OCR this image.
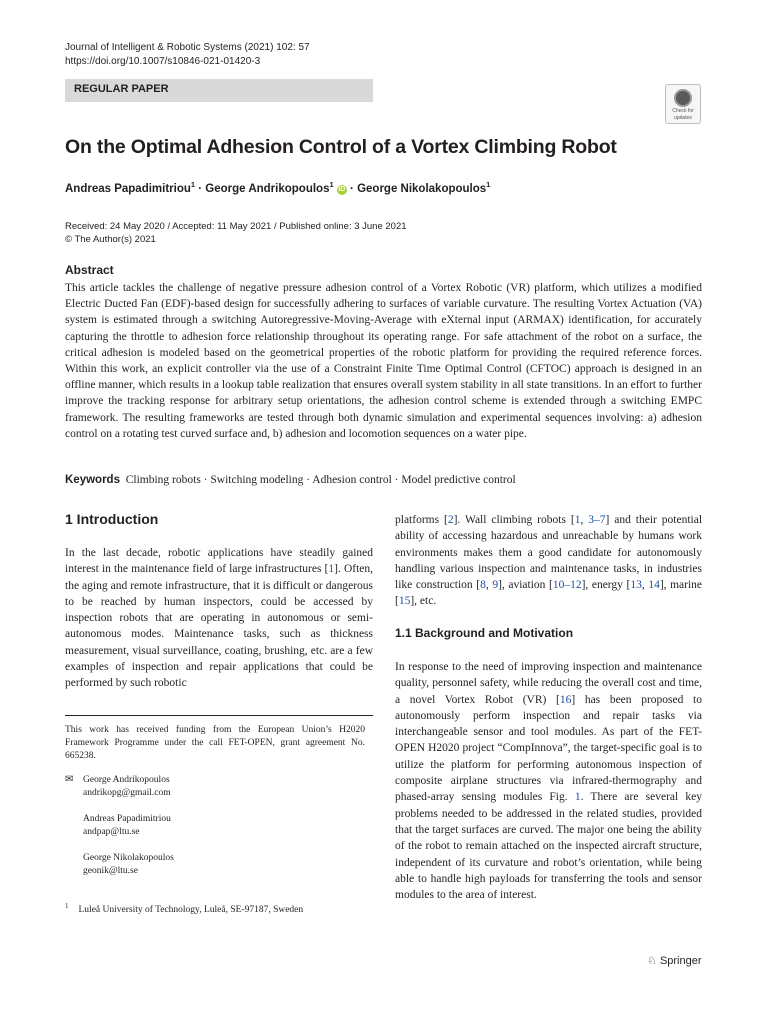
Journal of Intelligent & Robotic Systems (2021) 102: 57
https://doi.org/10.1007/s10846-021-01420-3
REGULAR PAPER
Check for
updates
On the Optimal Adhesion Control of a Vortex Climbing Robot
Andreas Papadimitriou$^1$ · George Andrikopoulos$^1$ iD · George Nikolakopoulos$^1$
Received: 24 May 2020 / Accepted: 11 May 2021 / Published online: 3 June 2021
© The Author(s) 2021
Abstract
This article tackles the challenge of negative pressure adhesion control of a Vortex Robotic (VR) platform, which utilizes a modified Electric Ducted Fan (EDF)-based design for successfully adhering to surfaces of variable curvature. The resulting Vortex Actuation (VA) system is estimated through a switching Autoregressive-Moving-Average with eXternal input (ARMAX) identification, for accurately capturing the throttle to adhesion force relationship throughout its operating range. For safe attachment of the robot on a surface, the critical adhesion is modeled based on the geometrical properties of the robotic platform for providing the required reference forces. Within this work, an explicit controller via the use of a Constraint Finite Time Optimal Control (CFTOC) approach is designed in an offline manner, which results in a lookup table realization that ensures overall system stability in all state transitions. In an effort to further improve the tracking response for arbitrary setup orientations, the adhesion control scheme is extended through a switching EMPC framework. The resulting frameworks are tested through both dynamic simulation and experimental sequences involving: a) adhesion control on a rotating test curved surface and, b) adhesion and locomotion sequences on a water pipe.
Keywords Climbing robots · Switching modeling · Adhesion control · Model predictive control
1 Introduction
In the last decade, robotic applications have steadily gained interest in the maintenance field of large infrastructures [1]. Often, the aging and remote infrastructure, that it is difficult or dangerous to be reached by human inspectors, could be accessed by inspection robots that are operating in autonomous or semi-autonomous modes. Maintenance tasks, such as thickness measurement, visual surveillance, coating, brushing, etc. are a few examples of inspection and repair applications that could be performed by such robotic
This work has received funding from the European Union’s H2020 Framework Programme under the call FET-OPEN, grant agreement No. 665238.
✉ George Andrikopoulos
andrikopg@gmail.com
Andreas Papadimitriou
andpap@ltu.se
George Nikolakopoulos
geonik@ltu.se
$^1$ Luleå University of Technology, Luleå, SE-97187, Sweden
platforms [2]. Wall climbing robots [1, 3–7] and their potential ability of accessing hazardous and unreachable by humans work environments makes them a good candidate for autonomously handling various inspection and maintenance tasks, in industries like construction [8, 9], aviation [10–12], energy [13, 14], marine [15], etc.
1.1 Background and Motivation
In response to the need of improving inspection and maintenance quality, personnel safety, while reducing the overall cost and time, a novel Vortex Robot (VR) [16] has been proposed to autonomously perform inspection and repair tasks via interchangeable sensor and tool modules. As part of the FET-OPEN H2020 project “CompInnova”, the target-specific goal is to utilize the platform for performing autonomous inspection of composite airplane structures via infrared-thermography and phased-array sensing modules Fig. 1. There are several key problems needed to be addressed in the related studies, provided that the target surfaces are curved. The major one being the ability of the robot to remain attached on the inspected aircraft structure, independent of its curvature and robot’s orientation, while being able to handle high payloads for transferring the tools and sensor modules to the area of interest.
♘ Springer
